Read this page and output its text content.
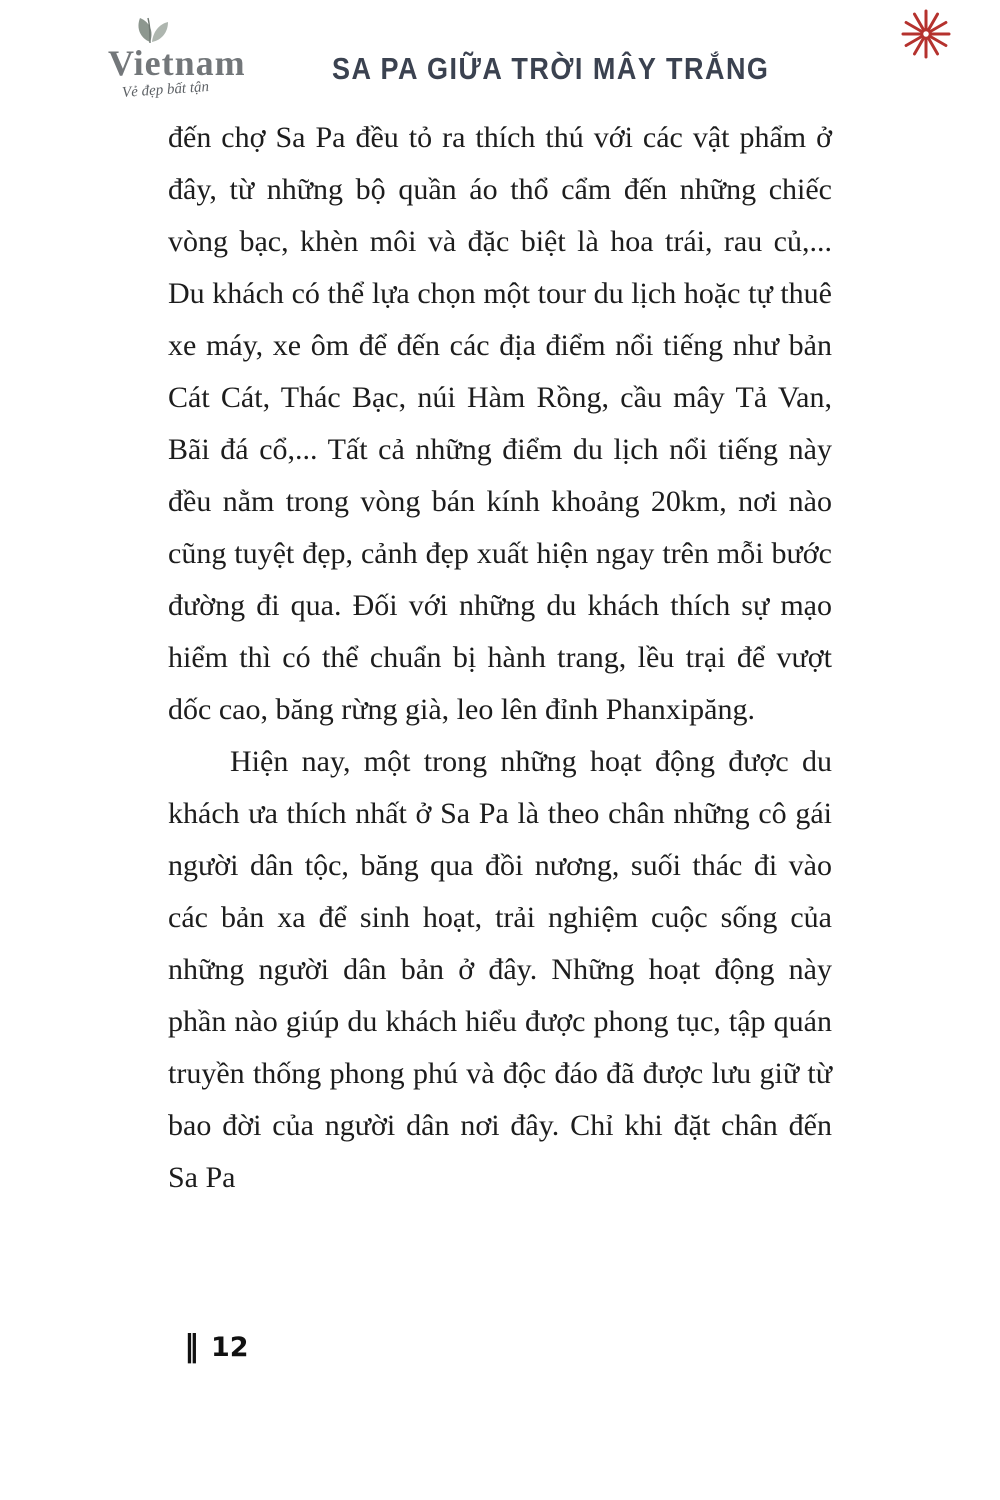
Vietnam
Vẻ đẹp bất tận
SA PA GIỮA TRỜI MÂY TRẮNG

đến chợ Sa Pa đều tỏ ra thích thú với các vật phẩm ở đây, từ những bộ quần áo thổ cẩm đến những chiếc vòng bạc, khèn môi và đặc biệt là hoa trái, rau củ,... Du khách có thể lựa chọn một tour du lịch hoặc tự thuê xe máy, xe ôm để đến các địa điểm nổi tiếng như bản Cát Cát, Thác Bạc, núi Hàm Rồng, cầu mây Tả Van, Bãi đá cổ,... Tất cả những điểm du lịch nổi tiếng này đều nằm trong vòng bán kính khoảng 20km, nơi nào cũng tuyệt đẹp, cảnh đẹp xuất hiện ngay trên mỗi bước đường đi qua. Đối với những du khách thích sự mạo hiểm thì có thể chuẩn bị hành trang, lều trại để vượt dốc cao, băng rừng già, leo lên đỉnh Phanxipăng.

Hiện nay, một trong những hoạt động được du khách ưa thích nhất ở Sa Pa là theo chân những cô gái người dân tộc, băng qua đồi nương, suối thác đi vào các bản xa để sinh hoạt, trải nghiệm cuộc sống của những người dân bản ở đây. Những hoạt động này phần nào giúp du khách hiểu được phong tục, tập quán truyền thống phong phú và độc đáo đã được lưu giữ từ bao đời của người dân nơi đây. Chỉ khi đặt chân đến Sa Pa

‖ 12
